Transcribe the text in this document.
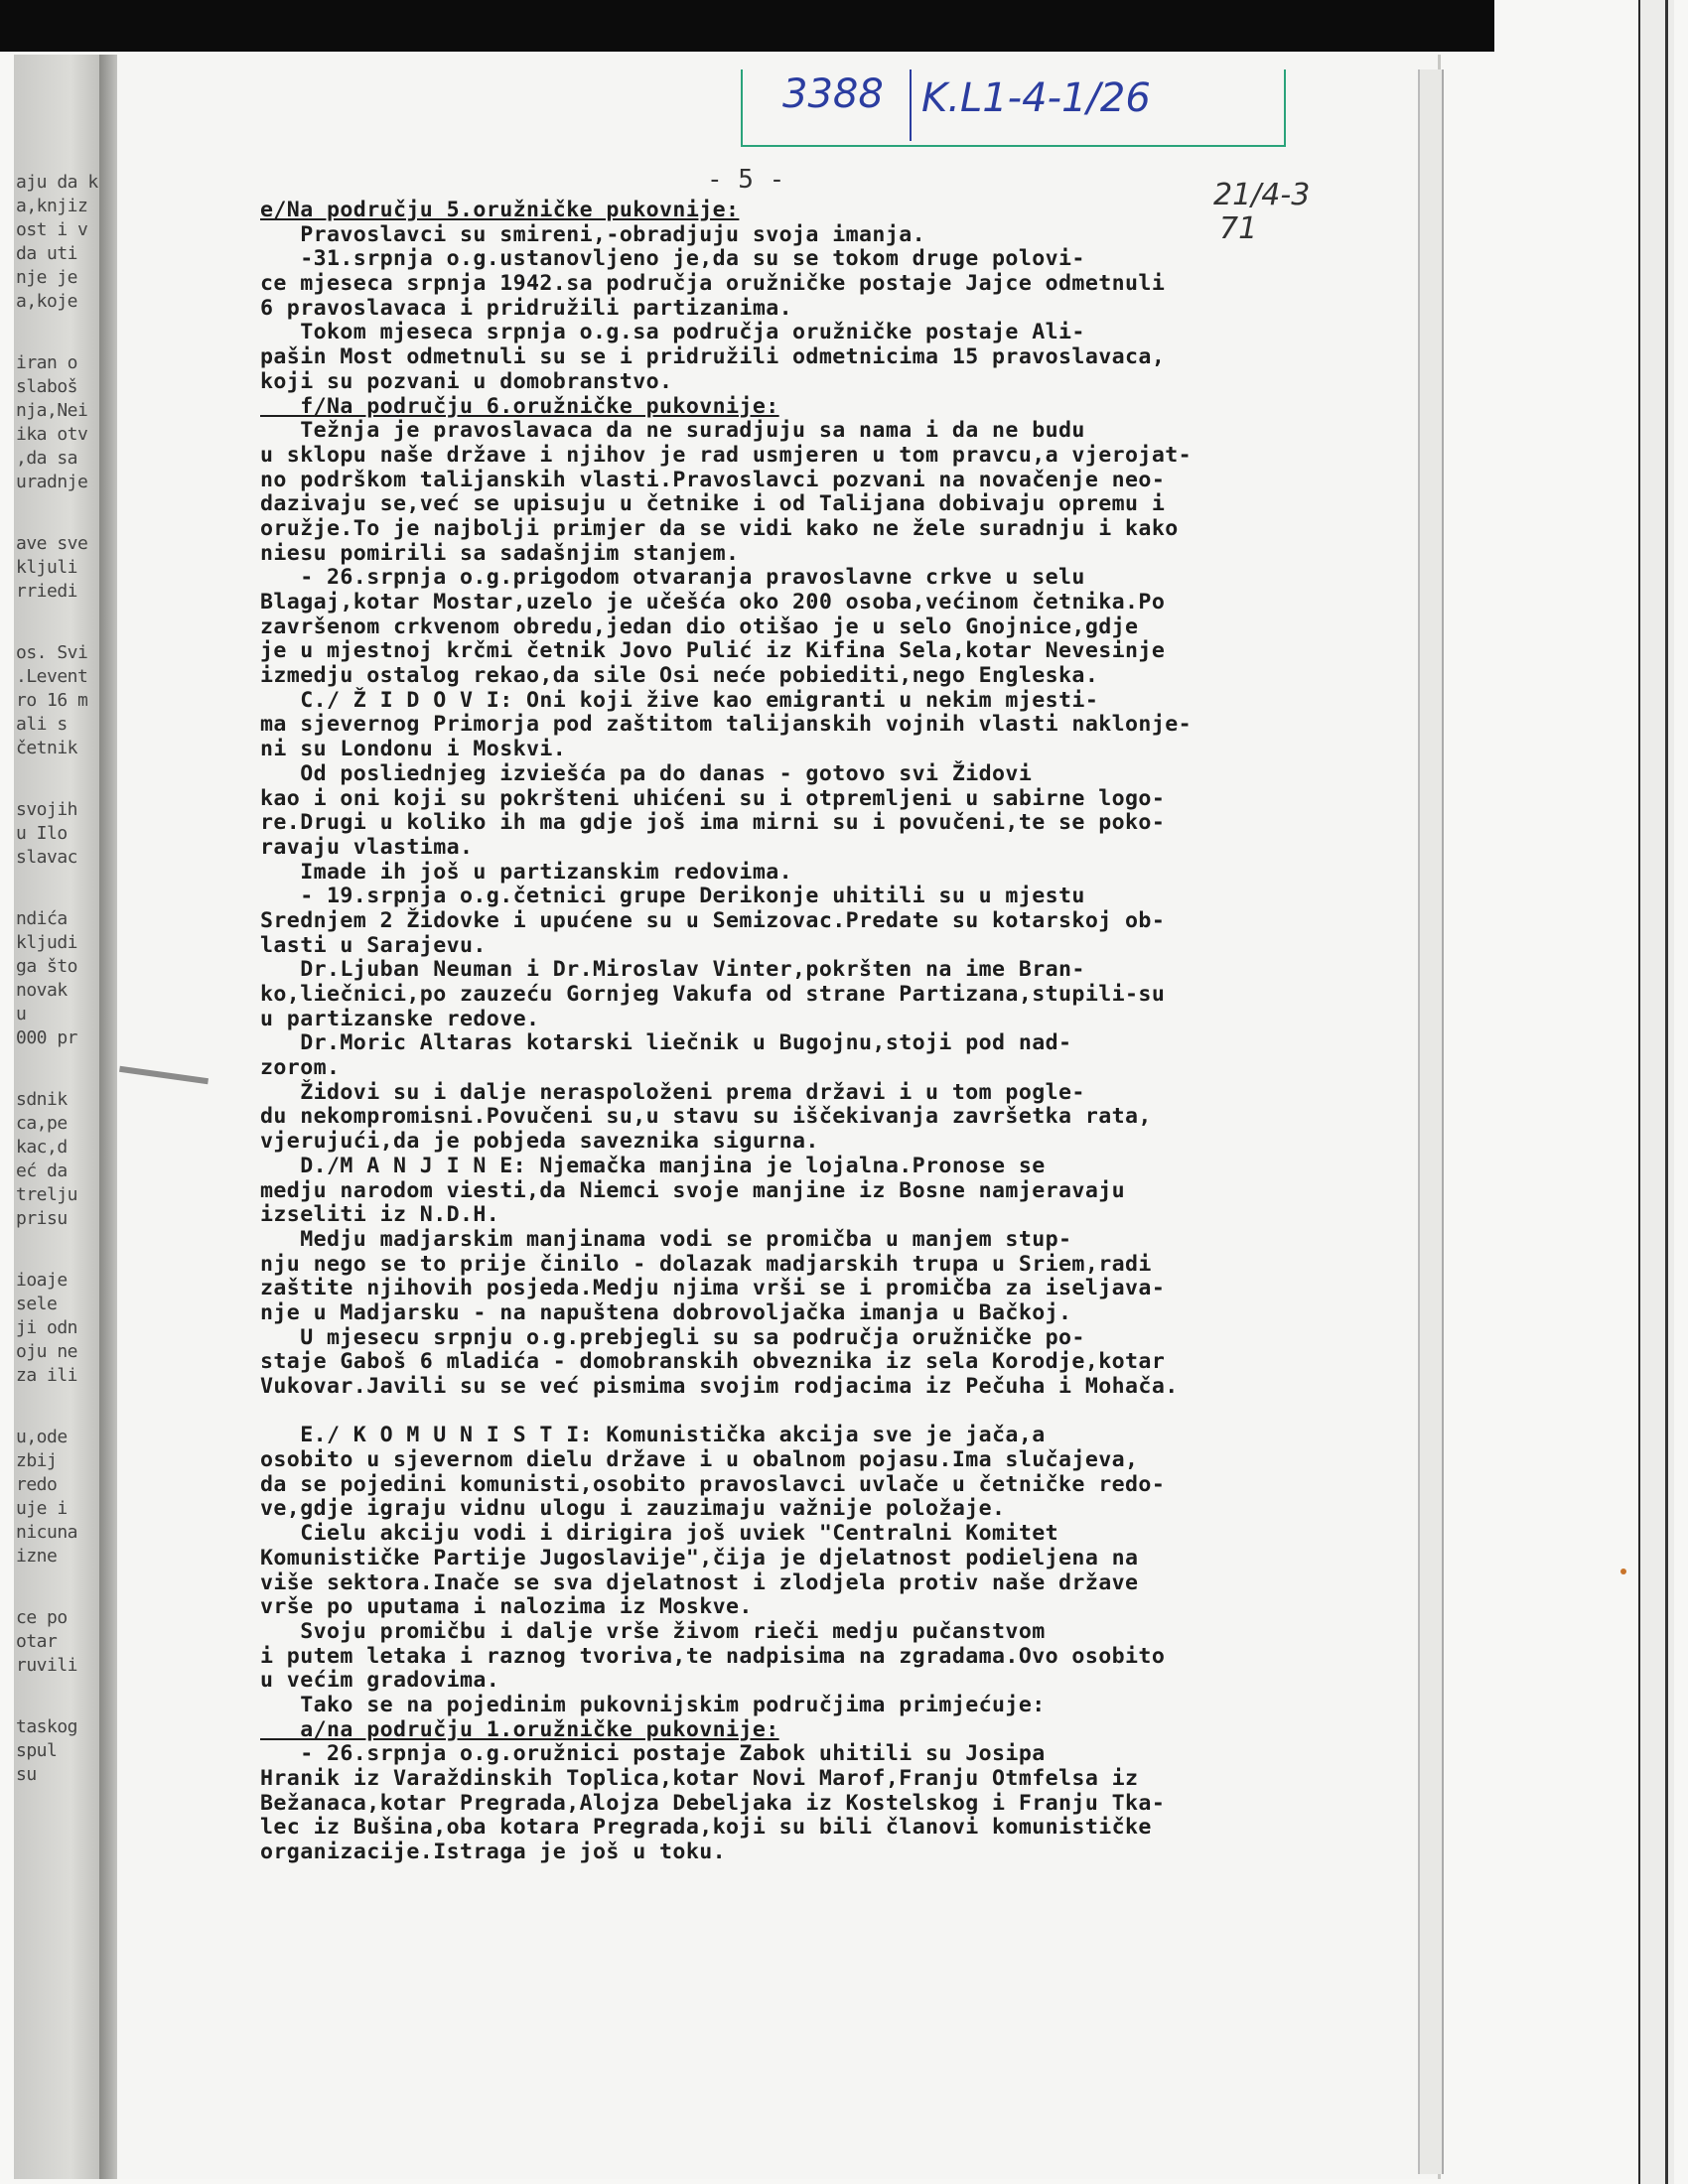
aju da k
a,knjiz
ost i v
da uti
nje je
a,koje
iran o
slaboš
nja,Nei
ika otv
,da sa
uradnje
ave sve
kljuli
rriedi
os. Svi
.Levent
ro 16 m
ali s
četnik
svojih
u Ilo
slavac
ndića
kljudi
ga što
novak
u
000 pr
sdnik
ca,pe
kac,d
eć da
trelju
prisu
ioaje
sele
ji odn
oju ne
za ili
u,ode
zbij
redo
uje i
nicuna
izne
ce po
otar
ruvili
taskog
spul
su
3388 K.L1-4-1/26
- 5 -	21/4-3
71
e/Na području 5.oružničke pukovnije:
Pravoslavci su smireni,-obradjuju svoja imanja.
-31.srpnja o.g.ustanovljeno je,da su se tokom druge polovi-
ce mjeseca srpnja 1942.sa područja oružničke postaje Jajce odmetnuli
6 pravoslavaca i pridružili partizanima.
Tokom mjeseca srpnja o.g.sa područja oružničke postaje Ali-
pašin Most odmetnuli su se i pridružili odmetnicima 15 pravoslavaca,
koji su pozvani u domobranstvo.
f/Na području 6.oružničke pukovnije:
Težnja je pravoslavaca da ne suradjuju sa nama i da ne budu
u sklopu naše države i njihov je rad usmjeren u tom pravcu,a vjerojat-
no podrškom talijanskih vlasti.Pravoslavci pozvani na novačenje neo-
dazivaju se,već se upisuju u četnike i od Talijana dobivaju opremu i
oružje.To je najbolji primjer da se vidi kako ne žele suradnju i kako
niesu pomirili sa sadašnjim stanjem.
- 26.srpnja o.g.prigodom otvaranja pravoslavne crkve u selu
Blagaj,kotar Mostar,uzelo je učešća oko 200 osoba,većinom četnika.Po
završenom crkvenom obredu,jedan dio otišao je u selo Gnojnice,gdje
je u mjestnoj krčmi četnik Jovo Pulić iz Kifina Sela,kotar Nevesinje
izmedju ostalog rekao,da sile Osi neće pobiediti,nego Engleska.
C./ Ž I D O V I: Oni koji žive kao emigranti u nekim mjesti-
ma sjevernog Primorja pod zaštitom talijanskih vojnih vlasti naklonje-
ni su Londonu i Moskvi.
Od posliednjeg izviešća pa do danas - gotovo svi Židovi
kao i oni koji su pokršteni uhićeni su i otpremljeni u sabirne logo-
re.Drugi u koliko ih ma gdje još ima mirni su i povučeni,te se poko-
ravaju vlastima.
Imade ih još u partizanskim redovima.
- 19.srpnja o.g.četnici grupe Derikonje uhitili su u mjestu
Srednjem 2 Židovke i upućene su u Semizovac.Predate su kotarskoj ob-
lasti u Sarajevu.
Dr.Ljuban Neuman i Dr.Miroslav Vinter,pokršten na ime Bran-
ko,liečnici,po zauzeću Gornjeg Vakufa od strane Partizana,stupili-su
u partizanske redove.
Dr.Moric Altaras kotarski liečnik u Bugojnu,stoji pod nad-
zorom.
Židovi su i dalje neraspoloženi prema državi i u tom pogle-
du nekompromisni.Povučeni su,u stavu su iščekivanja završetka rata,
vjerujući,da je pobjeda saveznika sigurna.
D./M A N J I N E: Njemačka manjina je lojalna.Pronose se
medju narodom viesti,da Niemci svoje manjine iz Bosne namjeravaju
izseliti iz N.D.H.
Medju madjarskim manjinama vodi se promičba u manjem stup-
nju nego se to prije činilo - dolazak madjarskih trupa u Sriem,radi
zaštite njihovih posjeda.Medju njima vrši se i promičba za iseljava-
nje u Madjarsku - na napuštena dobrovoljačka imanja u Bačkoj.
U mjesecu srpnju o.g.prebjegli su sa područja oružničke po-
staje Gaboš 6 mladića - domobranskih obveznika iz sela Korodje,kotar
Vukovar.Javili su se već pismima svojim rodjacima iz Pečuha i Mohača.
E./ K O M U N I S T I: Komunistička akcija sve je jača,a
osobito u sjevernom dielu države i u obalnom pojasu.Ima slučajeva,
da se pojedini komunisti,osobito pravoslavci uvlače u četničke redo-
ve,gdje igraju vidnu ulogu i zauzimaju važnije položaje.
Cielu akciju vodi i dirigira još uviek "Centralni Komitet
Komunističke Partije Jugoslavije",čija je djelatnost podieljena na
više sektora.Inače se sva djelatnost i zlodjela protiv naše države
vrše po uputama i nalozima iz Moskve.
Svoju promičbu i dalje vrše živom rieči medju pučanstvom
i putem letaka i raznog tvoriva,te nadpisima na zgradama.Ovo osobito
u većim gradovima.
Tako se na pojedinim pukovnijskim područjima primjećuje:
a/na području 1.oružničke pukovnije:
- 26.srpnja o.g.oružnici postaje Zabok uhitili su Josipa
Hranik iz Varaždinskih Toplica,kotar Novi Marof,Franju Otmfelsa iz
Bežanaca,kotar Pregrada,Alojza Debeljaka iz Kostelskog i Franju Tka-
lec iz Bušina,oba kotara Pregrada,koji su bili članovi komunističke
organizacije.Istraga je još u toku.
